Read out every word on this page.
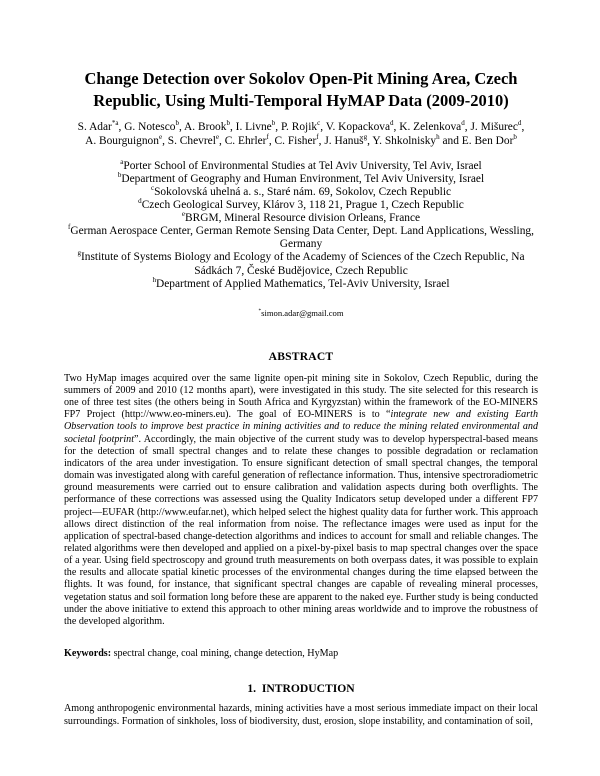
Change Detection over Sokolov Open-Pit Mining Area, Czech Republic, Using Multi-Temporal HyMAP Data (2009-2010)
S. Adar$^{*a}$, G. Notesco$^b$, A. Brook$^b$, I. Livne$^b$, P. Rojik$^c$, V. Kopackova$^d$, K. Zelenkova$^d$, J. Mišurec$^d$,
A. Bourguignon$^e$, S. Chevrel$^e$, C. Ehrler$^f$, C. Fisher$^f$, J. Hanuš$^g$, Y. Shkolnisky$^h$ and E. Ben Dor$^b$
$^a$Porter School of Environmental Studies at Tel Aviv University, Tel Aviv, Israel
$^b$Department of Geography and Human Environment, Tel Aviv University, Israel
$^c$Sokolovská uhelná a. s., Staré nám. 69, Sokolov, Czech Republic
$^d$Czech Geological Survey, Klárov 3, 118 21, Prague 1, Czech Republic
$^e$BRGM, Mineral Resource division Orleans, France
$^f$German Aerospace Center, German Remote Sensing Data Center, Dept. Land Applications, Wessling, Germany
$^g$Institute of Systems Biology and Ecology of the Academy of Sciences of the Czech Republic, Na Sádkách 7, České Budějovice, Czech Republic
$^h$Department of Applied Mathematics, Tel-Aviv University, Israel
*simon.adar@gmail.com
ABSTRACT

Two HyMap images acquired over the same lignite open-pit mining site in Sokolov, Czech Republic, during the summers of 2009 and 2010 (12 months apart), were investigated in this study. The site selected for this research is one of three test sites (the others being in South Africa and Kyrgyzstan) within the framework of the EO-MINERS FP7 Project (http://www.eo-miners.eu). The goal of EO-MINERS is to “integrate new and existing Earth Observation tools to improve best practice in mining activities and to reduce the mining related environmental and societal footprint”. Accordingly, the main objective of the current study was to develop hyperspectral-based means for the detection of small spectral changes and to relate these changes to possible degradation or reclamation indicators of the area under investigation. To ensure significant detection of small spectral changes, the temporal domain was investigated along with careful generation of reflectance information. Thus, intensive spectroradiometric ground measurements were carried out to ensure calibration and validation aspects during both overflights. The performance of these corrections was assessed using the Quality Indicators setup developed under a different FP7 project—EUFAR (http://www.eufar.net), which helped select the highest quality data for further work. This approach allows direct distinction of the real information from noise. The reflectance images were used as input for the application of spectral-based change-detection algorithms and indices to account for small and reliable changes. The related algorithms were then developed and applied on a pixel-by-pixel basis to map spectral changes over the space of a year. Using field spectroscopy and ground truth measurements on both overpass dates, it was possible to explain the results and allocate spatial kinetic processes of the environmental changes during the time elapsed between the flights. It was found, for instance, that significant spectral changes are capable of revealing mineral processes, vegetation status and soil formation long before these are apparent to the naked eye. Further study is being conducted under the above initiative to extend this approach to other mining areas worldwide and to improve the robustness of the developed algorithm.

Keywords: spectral change, coal mining, change detection, HyMap

1.  INTRODUCTION

Among anthropogenic environmental hazards, mining activities have a most serious immediate impact on their local surroundings. Formation of sinkholes, loss of biodiversity, dust, erosion, slope instability, and contamination of soil,
